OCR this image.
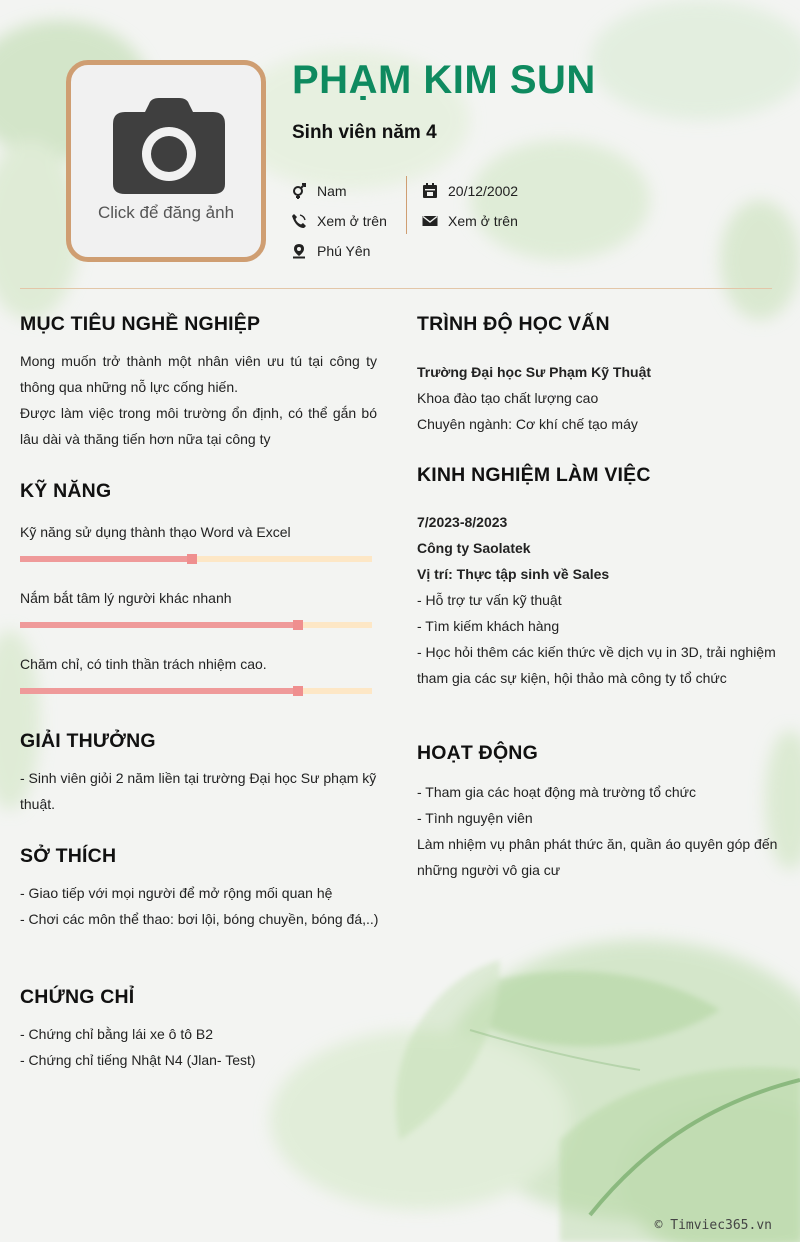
Click để đăng ảnh
PHẠM KIM SUN
Sinh viên năm 4
Nam
Xem ở trên
Phú Yên
20/12/2002
Xem ở trên
MỤC TIÊU NGHỀ NGHIỆP
Mong muốn trở thành một nhân viên ưu tú tại công ty thông qua những nỗ lực cống hiến.
Được làm việc trong môi trường ổn định, có thể gắn bó lâu dài và thăng tiến hơn nữa tại công ty
KỸ NĂNG
Kỹ năng sử dụng thành thạo Word và Excel
Nắm bắt tâm lý người khác nhanh
Chăm chỉ, có tinh thần trách nhiệm cao.
GIẢI THƯỞNG
- Sinh viên giỏi 2 năm liền tại trường Đại học Sư phạm kỹ thuật.
SỞ THÍCH
- Giao tiếp với mọi người để mở rộng mối quan hệ
- Chơi các môn thể thao: bơi lội, bóng chuyền, bóng đá,..)
CHỨNG CHỈ
- Chứng chỉ bằng lái xe ô tô B2
- Chứng chỉ tiếng Nhật N4 (Jlan- Test)
TRÌNH ĐỘ HỌC VẤN
Trường Đại học Sư Phạm Kỹ Thuật
Khoa đào tạo chất lượng cao
Chuyên ngành: Cơ khí chế tạo máy
KINH NGHIỆM LÀM VIỆC
7/2023-8/2023
Công ty Saolatek
Vị trí: Thực tập sinh về Sales
- Hỗ trợ tư vấn kỹ thuật
- Tìm kiếm khách hàng
- Học hỏi thêm các kiến thức về dịch vụ in 3D, trải nghiệm tham gia các sự kiện, hội thảo mà công ty tổ chức
HOẠT ĐỘNG
- Tham gia các hoạt động mà trường tổ chức
- Tình nguyện viên
Làm nhiệm vụ phân phát thức ăn, quần áo quyên góp đến những người vô gia cư
© Timviec365.vn
